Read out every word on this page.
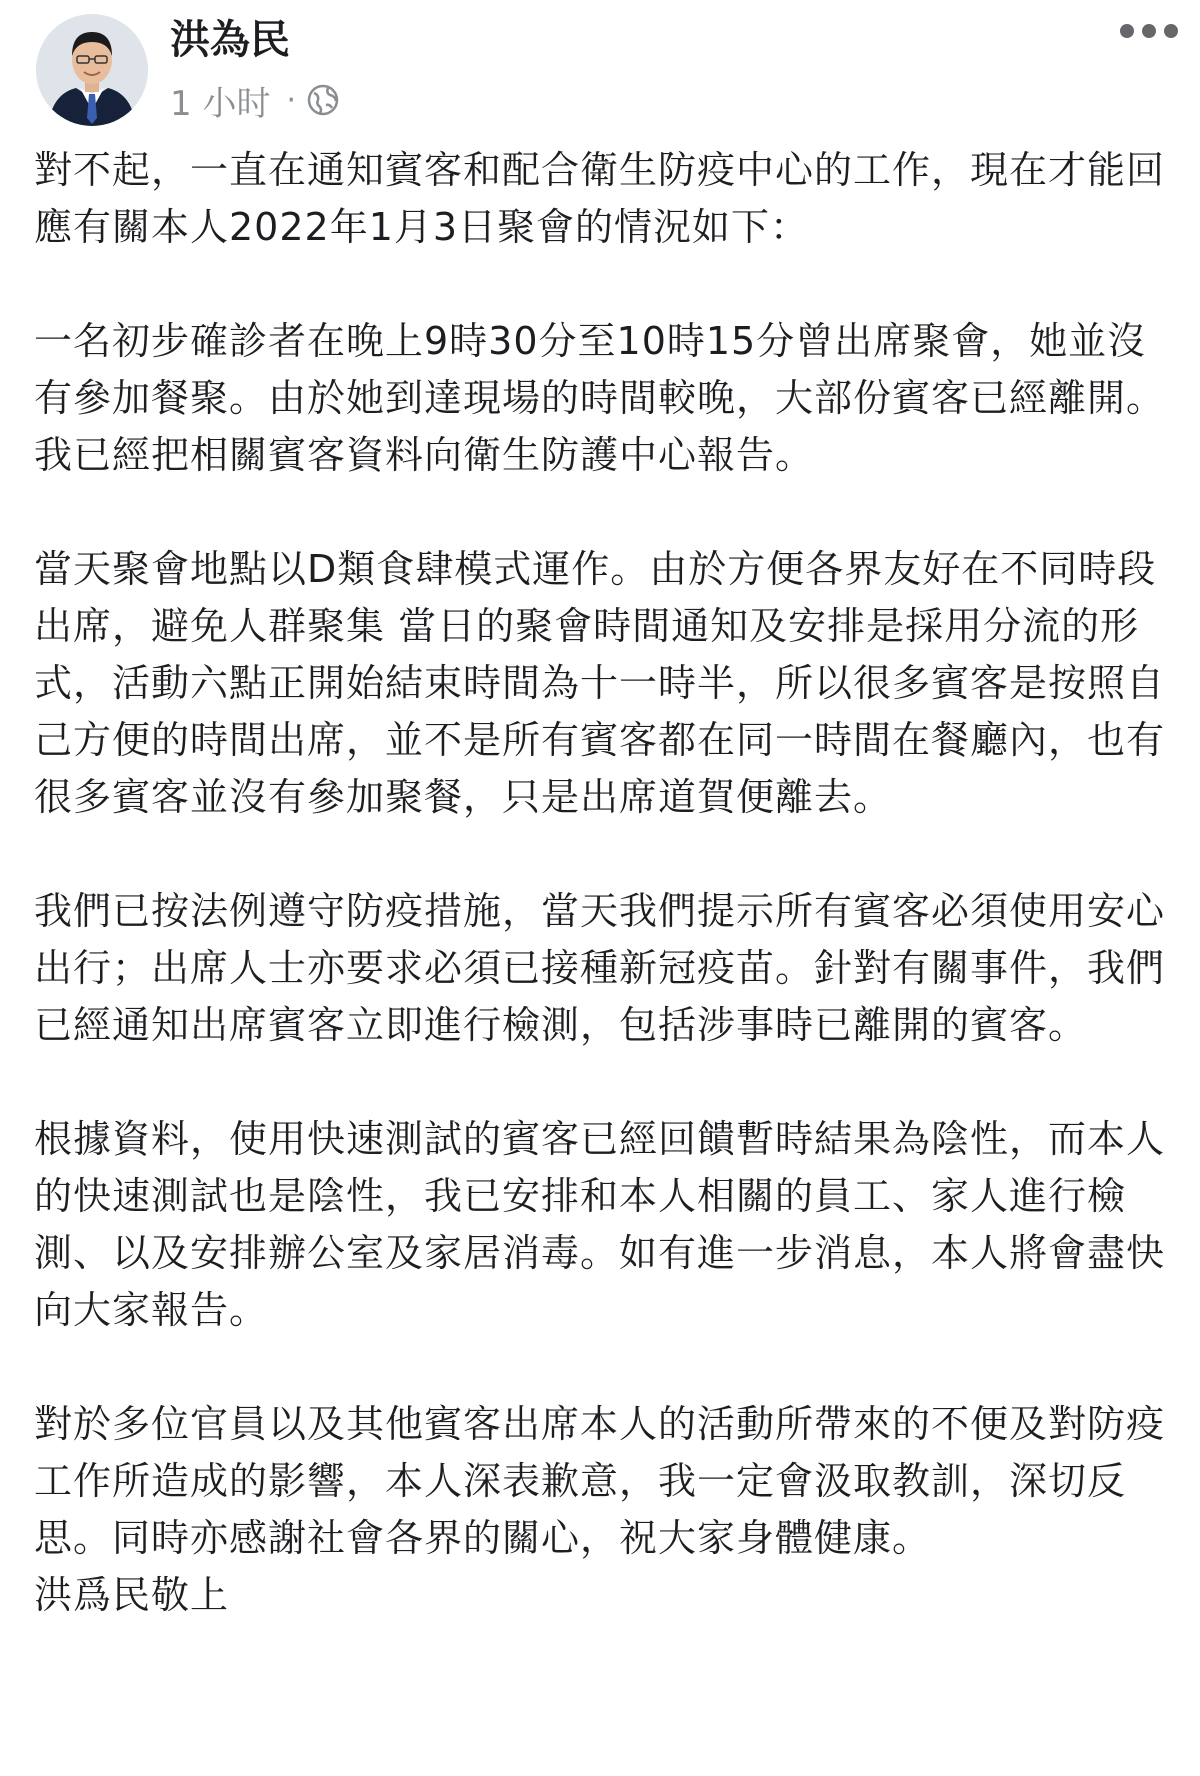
洪為民
1 小时 ·

對不起，一直在通知賓客和配合衛生防疫中心的工作，現在才能回應有關本人2022年1月3日聚會的情況如下：

一名初步確診者在晚上9時30分至10時15分曾出席聚會，她並沒有參加餐聚。由於她到達現場的時間較晚，大部份賓客已經離開。我已經把相關賓客資料向衛生防護中心報告。

當天聚會地點以D類食肆模式運作。由於方便各界友好在不同時段出席，避免人群聚集 當日的聚會時間通知及安排是採用分流的形式，活動六點正開始結束時間為十一時半，所以很多賓客是按照自己方便的時間出席，並不是所有賓客都在同一時間在餐廳內，也有很多賓客並沒有參加聚餐，只是出席道賀便離去。

我們已按法例遵守防疫措施，當天我們提示所有賓客必須使用安心出行；出席人士亦要求必須已接種新冠疫苗。針對有關事件，我們已經通知出席賓客立即進行檢測，包括涉事時已離開的賓客。

根據資料，使用快速測試的賓客已經回饋暫時結果為陰性，而本人的快速測試也是陰性，我已安排和本人相關的員工、家人進行檢測、以及安排辦公室及家居消毒。如有進一步消息，本人將會盡快向大家報告。

對於多位官員以及其他賓客出席本人的活動所帶來的不便及對防疫工作所造成的影響，本人深表歉意，我一定會汲取教訓，深切反思。同時亦感謝社會各界的關心，祝大家身體健康。

洪爲民敬上
